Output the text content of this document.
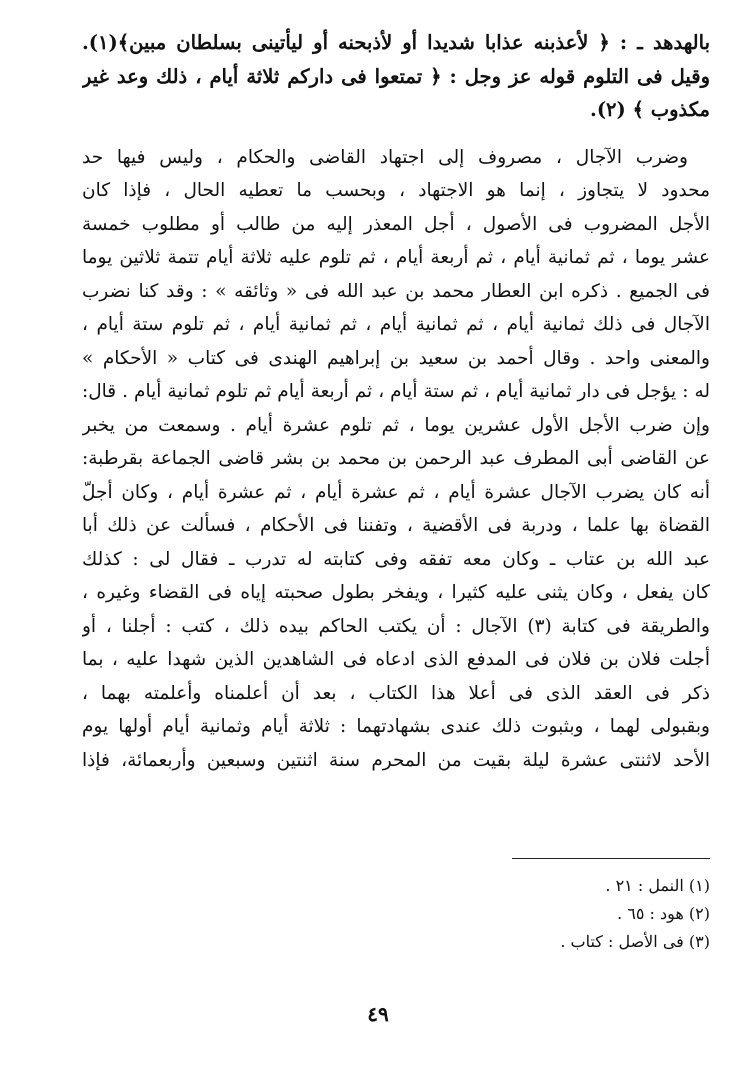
بالهدهد ـ : ﴿ لأعذبنه عذابا شديدا أو لأذبحنه أو ليأتينى بسلطان مبين﴾(١).
وقيل فى التلوم قوله عز وجل : ﴿ تمتعوا فى داركم ثلاثة أيام ، ذلك وعد غير
مكذوب ﴾ (٢).
وضرب الآجال ، مصروف إلى اجتهاد القاضى والحكام ، وليس فيها حد
محدود لا يتجاوز ، إنما هو الاجتهاد ، وبحسب ما تعطيه الحال ، فإذا كان
الأجل المضروب فى الأصول ، أجل المعذر إليه من طالب أو مطلوب خمسة
عشر يوما ، ثم ثمانية أيام ، ثم أربعة أيام ، ثم تلوم عليه ثلاثة أيام تتمة ثلاثين يوما
فى الجميع . ذكره ابن العطار محمد بن عبد الله فى « وثائقه » : وقد كنا نضرب
الآجال فى ذلك ثمانية أيام ، ثم ثمانية أيام ، ثم ثمانية أيام ، ثم تلوم ستة أيام ،
والمعنى واحد . وقال أحمد بن سعيد بن إبراهيم الهندى فى كتاب « الأحكام »
له : يؤجل فى دار ثمانية أيام ، ثم ستة أيام ، ثم أربعة أيام ثم تلوم ثمانية أيام . قال:
وإن ضرب الأجل الأول عشرين يوما ، ثم تلوم عشرة أيام . وسمعت من يخبر
عن القاضى أبى المطرف عبد الرحمن بن محمد بن بشر قاضى الجماعة بقرطبة:
أنه كان يضرب الآجال عشرة أيام ، ثم عشرة أيام ، ثم عشرة أيام ، وكان أجلّ
القضاة بها علما ، ودربة فى الأقضية ، وتفننا فى الأحكام ، فسألت عن ذلك أبا
عبد الله بن عتاب ـ وكان معه تفقه وفى كتابته له تدرب ـ فقال لى : كذلك
كان يفعل ، وكان يثنى عليه كثيرا ، ويفخر بطول صحبته إياه فى القضاء وغيره ،
والطريقة فى كتابة (٣) الآجال : أن يكتب الحاكم بيده ذلك ، كتب : أجلنا ، أو
أجلت فلان بن فلان فى المدفع الذى ادعاه فى الشاهدين الذين شهدا عليه ، بما
ذكر فى العقد الذى فى أعلا هذا الكتاب ، بعد أن أعلمناه وأعلمته بهما ،
وبقبولى لهما ، وبثبوت ذلك عندى بشهادتهما : ثلاثة أيام وثمانية أيام أولها يوم
الأحد لاثنتى عشرة ليلة بقيت من المحرم سنة اثنتين وسبعين وأربعمائة، فإذا
(١) النمل : ٢١ .
(٢) هود : ٦٥ .
(٣) فى الأصل : كتاب .
٤٩
